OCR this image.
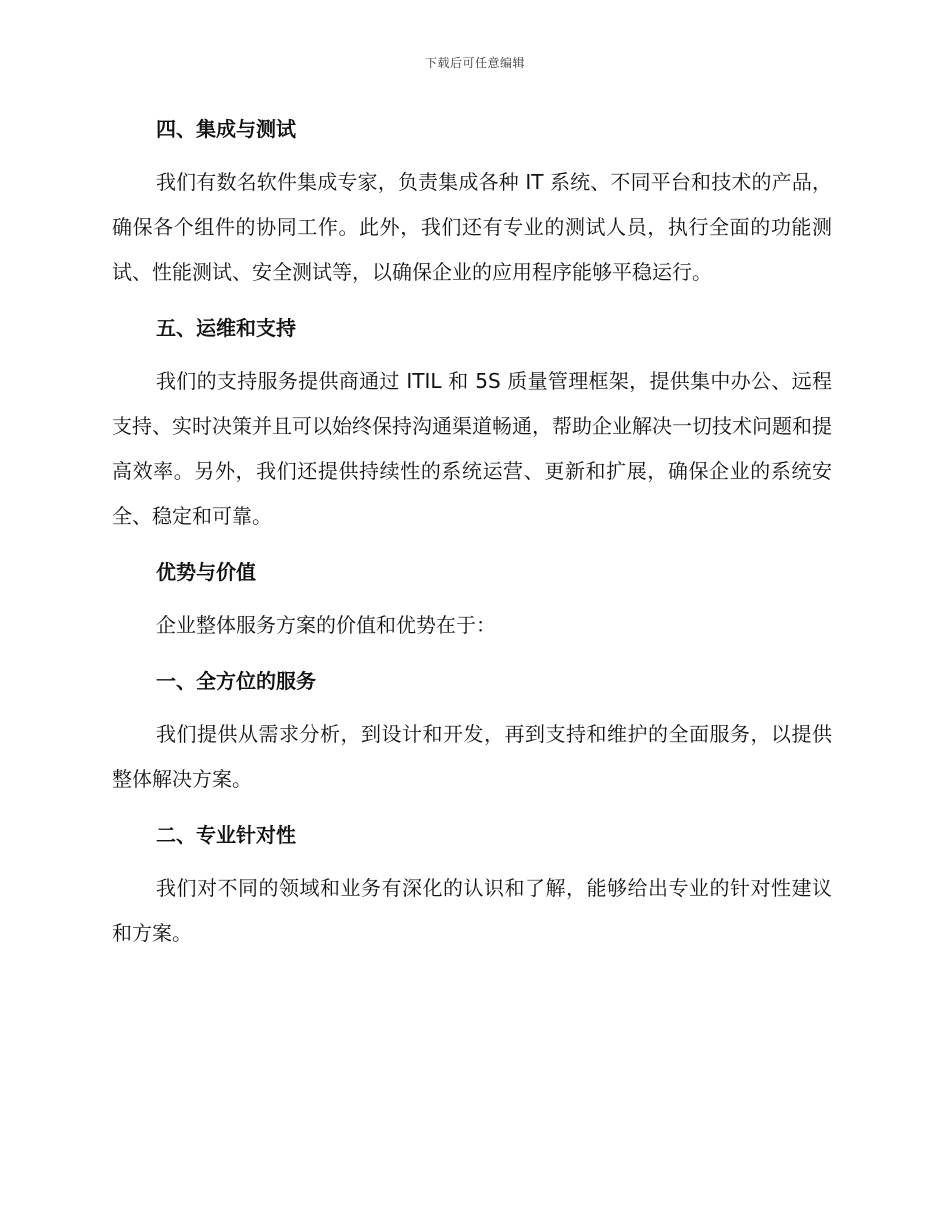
下载后可任意编辑

四、集成与测试

我们有数名软件集成专家，负责集成各种 IT 系统、不同平台和技术的产品，确保各个组件的协同工作。此外，我们还有专业的测试人员，执行全面的功能测试、性能测试、安全测试等，以确保企业的应用程序能够平稳运行。

五、运维和支持

我们的支持服务提供商通过 ITIL 和 5S 质量管理框架，提供集中办公、远程支持、实时决策并且可以始终保持沟通渠道畅通，帮助企业解决一切技术问题和提高效率。另外，我们还提供持续性的系统运营、更新和扩展，确保企业的系统安全、稳定和可靠。

优势与价值

企业整体服务方案的价值和优势在于：

一、全方位的服务

我们提供从需求分析，到设计和开发，再到支持和维护的全面服务，以提供整体解决方案。

二、专业针对性

我们对不同的领域和业务有深化的认识和了解，能够给出专业的针对性建议和方案。
